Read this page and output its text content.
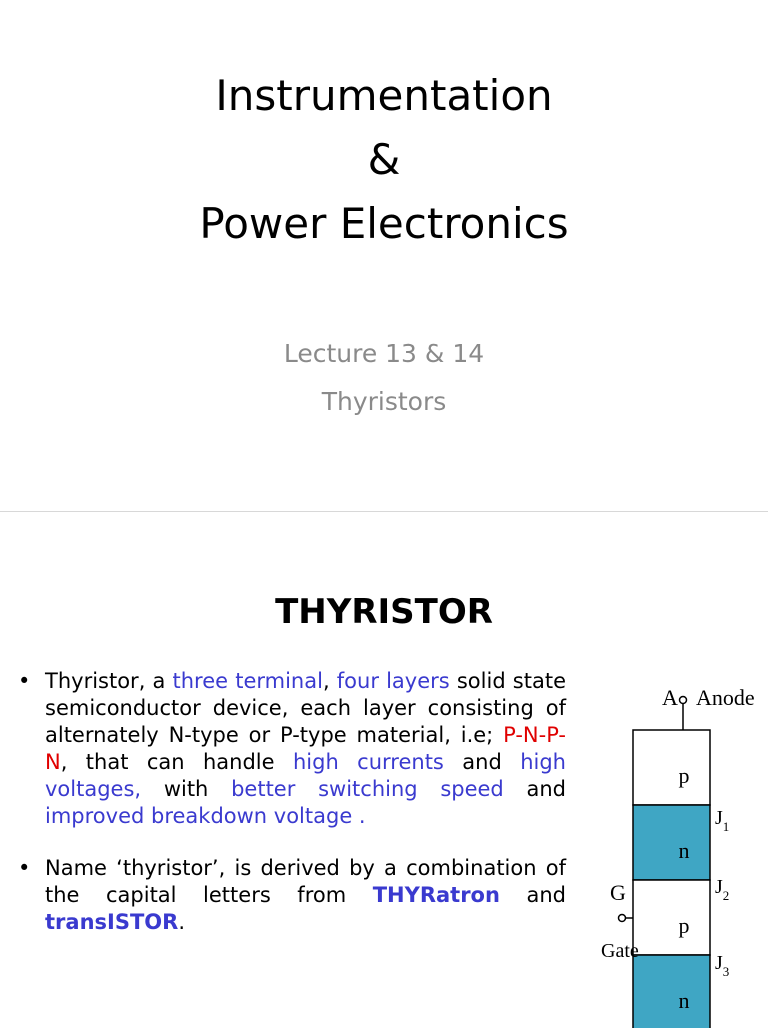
Instrumentation
&
Power Electronics
Lecture 13 & 14
Thyristors
THYRISTOR
• Thyristor, a three terminal, four layers solid state semiconductor device, each layer consisting of alternately N-type or P-type material, i.e; P-N-P-N, that can handle high currents and high voltages, with better switching speed and improved breakdown voltage .
• Name ‘thyristor’, is derived by a combination of the capital letters from THYRatron and transISTOR.
A Anode
p
n
p
n
$J_1$
$J_2$
$J_3$
G
Gate
